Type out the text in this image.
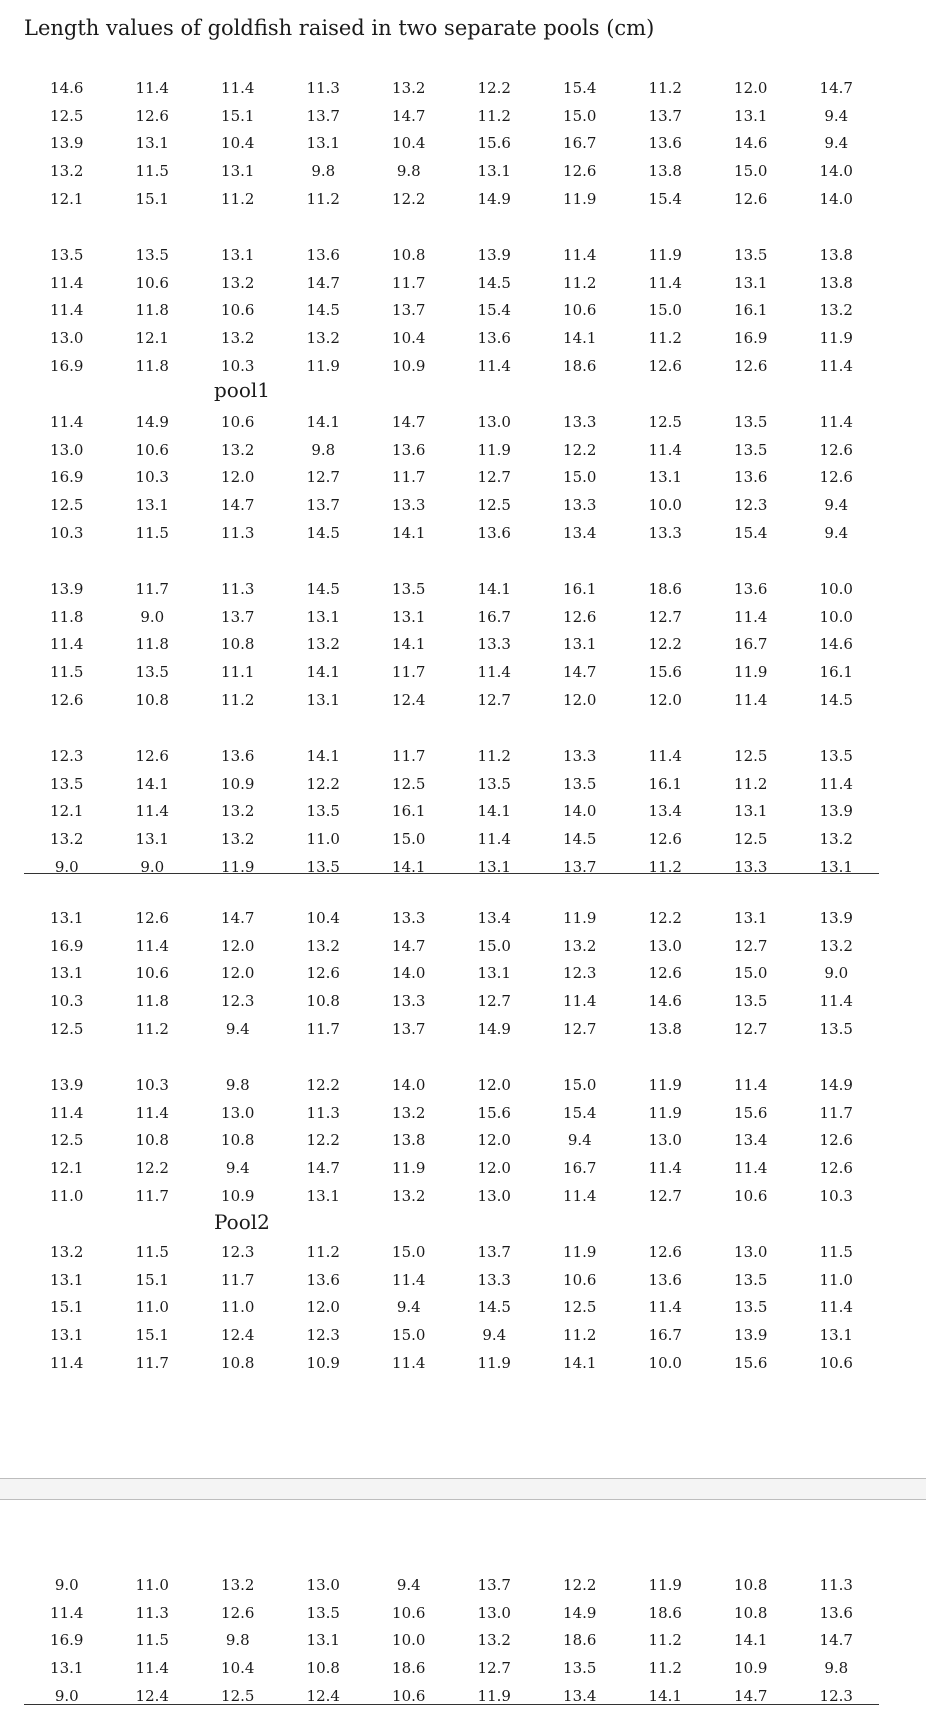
Length values of goldfish raised in two separate pools (cm)
pool1
14.6	11.4	11.4	11.3	13.2	12.2	15.4	11.2	12.0	14.7
12.5	12.6	15.1	13.7	14.7	11.2	15.0	13.7	13.1	9.4
13.9	13.1	10.4	13.1	10.4	15.6	16.7	13.6	14.6	9.4
13.2	11.5	13.1	9.8	9.8	13.1	12.6	13.8	15.0	14.0
12.1	15.1	11.2	11.2	12.2	14.9	11.9	15.4	12.6	14.0
13.5	13.5	13.1	13.6	10.8	13.9	11.4	11.9	13.5	13.8
11.4	10.6	13.2	14.7	11.7	14.5	11.2	11.4	13.1	13.8
11.4	11.8	10.6	14.5	13.7	15.4	10.6	15.0	16.1	13.2
13.0	12.1	13.2	13.2	10.4	13.6	14.1	11.2	16.9	11.9
16.9	11.8	10.3	11.9	10.9	11.4	18.6	12.6	12.6	11.4
11.4	14.9	10.6	14.1	14.7	13.0	13.3	12.5	13.5	11.4
13.0	10.6	13.2	9.8	13.6	11.9	12.2	11.4	13.5	12.6
16.9	10.3	12.0	12.7	11.7	12.7	15.0	13.1	13.6	12.6
12.5	13.1	14.7	13.7	13.3	12.5	13.3	10.0	12.3	9.4
10.3	11.5	11.3	14.5	14.1	13.6	13.4	13.3	15.4	9.4
13.9	11.7	11.3	14.5	13.5	14.1	16.1	18.6	13.6	10.0
11.8	9.0	13.7	13.1	13.1	16.7	12.6	12.7	11.4	10.0
11.4	11.8	10.8	13.2	14.1	13.3	13.1	12.2	16.7	14.6
11.5	13.5	11.1	14.1	11.7	11.4	14.7	15.6	11.9	16.1
12.6	10.8	11.2	13.1	12.4	12.7	12.0	12.0	11.4	14.5
12.3	12.6	13.6	14.1	11.7	11.2	13.3	11.4	12.5	13.5
13.5	14.1	10.9	12.2	12.5	13.5	13.5	16.1	11.2	11.4
12.1	11.4	13.2	13.5	16.1	14.1	14.0	13.4	13.1	13.9
13.2	13.1	13.2	11.0	15.0	11.4	14.5	12.6	12.5	13.2
9.0	9.0	11.9	13.5	14.1	13.1	13.7	11.2	13.3	13.1
Pool2
13.1	12.6	14.7	10.4	13.3	13.4	11.9	12.2	13.1	13.9
16.9	11.4	12.0	13.2	14.7	15.0	13.2	13.0	12.7	13.2
13.1	10.6	12.0	12.6	14.0	13.1	12.3	12.6	15.0	9.0
10.3	11.8	12.3	10.8	13.3	12.7	11.4	14.6	13.5	11.4
12.5	11.2	9.4	11.7	13.7	14.9	12.7	13.8	12.7	13.5
13.9	10.3	9.8	12.2	14.0	12.0	15.0	11.9	11.4	14.9
11.4	11.4	13.0	11.3	13.2	15.6	15.4	11.9	15.6	11.7
12.5	10.8	10.8	12.2	13.8	12.0	9.4	13.0	13.4	12.6
12.1	12.2	9.4	14.7	11.9	12.0	16.7	11.4	11.4	12.6
11.0	11.7	10.9	13.1	13.2	13.0	11.4	12.7	10.6	10.3
13.2	11.5	12.3	11.2	15.0	13.7	11.9	12.6	13.0	11.5
13.1	15.1	11.7	13.6	11.4	13.3	10.6	13.6	13.5	11.0
15.1	11.0	11.0	12.0	9.4	14.5	12.5	11.4	13.5	11.4
13.1	15.1	12.4	12.3	15.0	9.4	11.2	16.7	13.9	13.1
11.4	11.7	10.8	10.9	11.4	11.9	14.1	10.0	15.6	10.6
9.0	11.0	13.2	13.0	9.4	13.7	12.2	11.9	10.8	11.3
11.4	11.3	12.6	13.5	10.6	13.0	14.9	18.6	10.8	13.6
16.9	11.5	9.8	13.1	10.0	13.2	18.6	11.2	14.1	14.7
13.1	11.4	10.4	10.8	18.6	12.7	13.5	11.2	10.9	9.8
9.0	12.4	12.5	12.4	10.6	11.9	13.4	14.1	14.7	12.3
